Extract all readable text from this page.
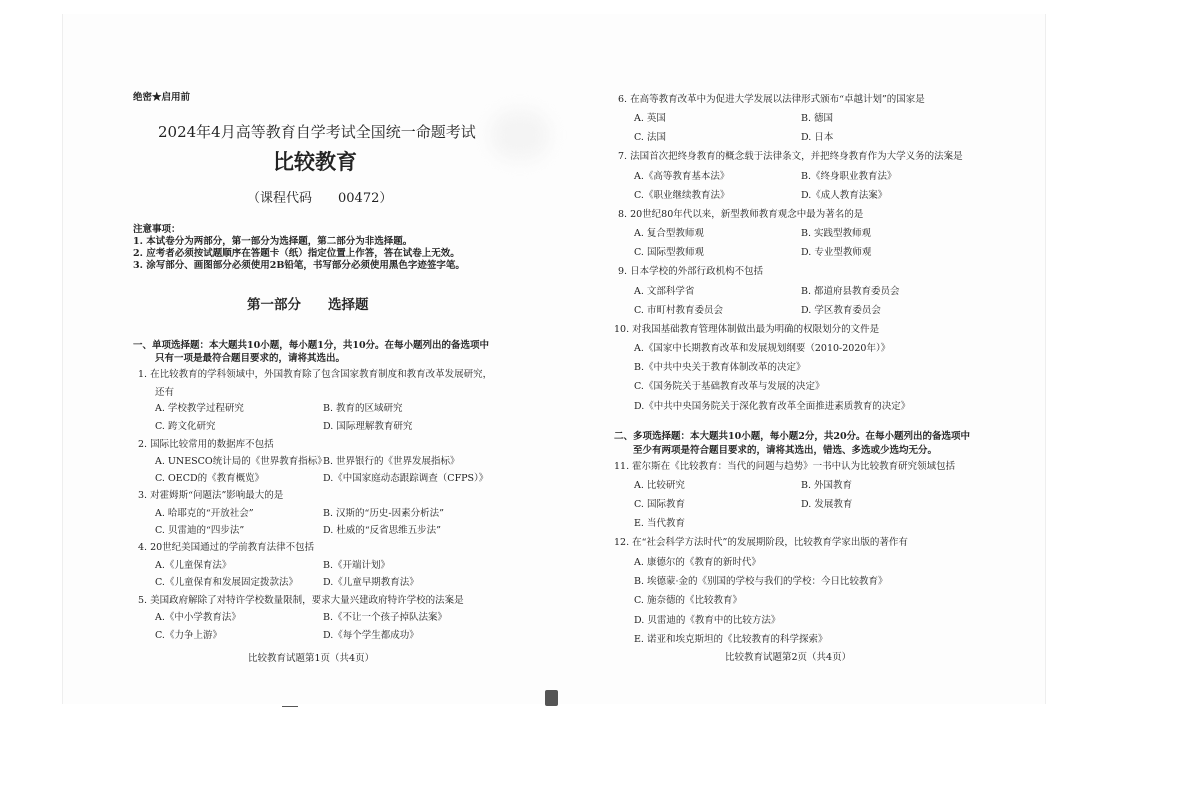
绝密★启用前
2024年4月高等教育自学考试全国统一命题考试
比较教育
（课程代码　　00472）
注意事项：
1. 本试卷分为两部分，第一部分为选择题，第二部分为非选择题。
2. 应考者必须按试题顺序在答题卡（纸）指定位置上作答，答在试卷上无效。
3. 涂写部分、画图部分必须使用2B铅笔，书写部分必须使用黑色字迹签字笔。
第一部分　　选择题
一、单项选择题：本大题共10小题，每小题1分，共10分。在每小题列出的备选项中
只有一项是最符合题目要求的，请将其选出。
1. 在比较教育的学科领域中，外国教育除了包含国家教育制度和教育改革发展研究，
还有
A. 学校教学过程研究	B. 教育的区域研究
C. 跨文化研究	D. 国际理解教育研究
2. 国际比较常用的数据库不包括
A. UNESCO统计局的《世界教育指标》
B. 世界银行的《世界发展指标》
C. OECD的《教育概览》	D.《中国家庭动态跟踪调查（CFPS）》
3. 对霍姆斯“问题法”影响最大的是
A. 哈耶克的“开放社会”	B. 汉斯的“历史-因素分析法”
C. 贝雷迪的“四步法”	D. 杜威的“反省思维五步法”
4. 20世纪美国通过的学前教育法律不包括
A.《儿童保育法》	B.《开端计划》
C.《儿童保育和发展固定拨款法》	D.《儿童早期教育法》
5. 美国政府解除了对特许学校数量限制，要求大量兴建政府特许学校的法案是
A.《中小学教育法》	B.《不让一个孩子掉队法案》
C.《力争上游》	D.《每个学生都成功》
比较教育试题第1页（共4页）
6. 在高等教育改革中为促进大学发展以法律形式颁布“卓越计划”的国家是
A. 英国	B. 德国
C. 法国	D. 日本
7. 法国首次把终身教育的概念载于法律条文，并把终身教育作为大学义务的法案是
A.《高等教育基本法》	B.《终身职业教育法》
C.《职业继续教育法》	D.《成人教育法案》
8. 20世纪80年代以来，新型教师教育观念中最为著名的是
A. 复合型教师观	B. 实践型教师观
C. 国际型教师观	D. 专业型教师观
9. 日本学校的外部行政机构不包括
A. 文部科学省	B. 都道府县教育委员会
C. 市町村教育委员会	D. 学区教育委员会
10. 对我国基础教育管理体制做出最为明确的权限划分的文件是
A.《国家中长期教育改革和发展规划纲要（2010-2020年）》
B.《中共中央关于教育体制改革的决定》
C.《国务院关于基础教育改革与发展的决定》
D.《中共中央国务院关于深化教育改革全面推进素质教育的决定》
二、多项选择题：本大题共10小题，每小题2分，共20分。在每小题列出的备选项中
至少有两项是符合题目要求的，请将其选出，错选、多选或少选均无分。
11. 霍尔斯在《比较教育：当代的问题与趋势》一书中认为比较教育研究领域包括
A. 比较研究	B. 外国教育
C. 国际教育	D. 发展教育
E. 当代教育
12. 在“社会科学方法时代”的发展期阶段，比较教育学家出版的著作有
A. 康德尔的《教育的新时代》
B. 埃德蒙·金的《别国的学校与我们的学校：今日比较教育》
C. 施奈德的《比较教育》
D. 贝雷迪的《教育中的比较方法》
E. 诺亚和埃克斯坦的《比较教育的科学探索》
比较教育试题第2页（共4页）
